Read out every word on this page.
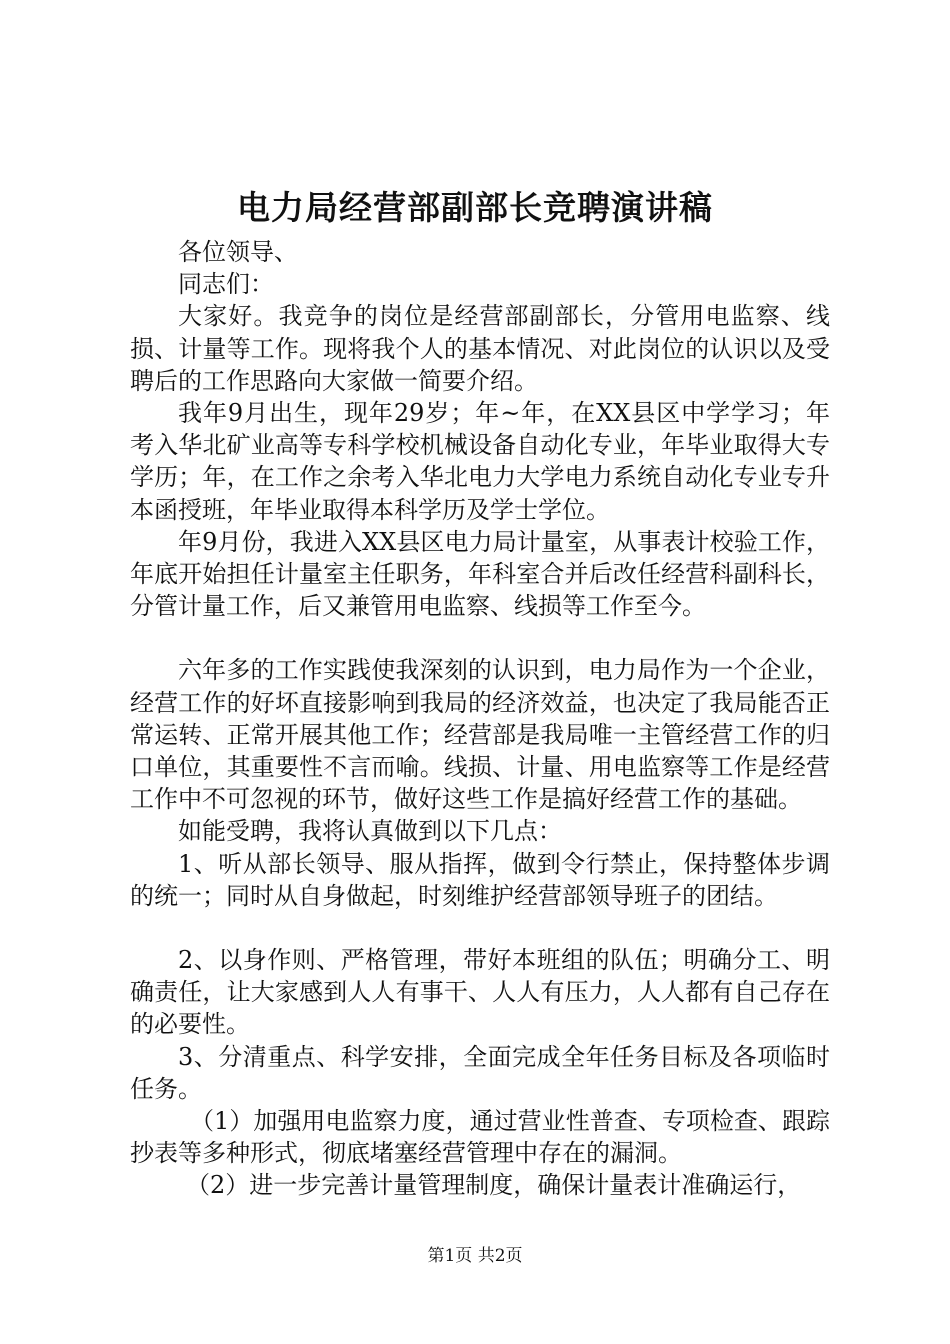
电力局经营部副部长竞聘演讲稿

各位领导、

同志们：

大家好。我竞争的岗位是经营部副部长，分管用电监察、线损、计量等工作。现将我个人的基本情况、对此岗位的认识以及受聘后的工作思路向大家做一简要介绍。

我年9月出生，现年29岁；年~年，在XX县区中学学习；年考入华北矿业高等专科学校机械设备自动化专业，年毕业取得大专学历；年，在工作之余考入华北电力大学电力系统自动化专业专升本函授班，年毕业取得本科学历及学士学位。

年9月份，我进入XX县区电力局计量室，从事表计校验工作，年底开始担任计量室主任职务，年科室合并后改任经营科副科长，分管计量工作，后又兼管用电监察、线损等工作至今。

六年多的工作实践使我深刻的认识到，电力局作为一个企业，经营工作的好坏直接影响到我局的经济效益，也决定了我局能否正常运转、正常开展其他工作；经营部是我局唯一主管经营工作的归口单位，其重要性不言而喻。线损、计量、用电监察等工作是经营工作中不可忽视的环节，做好这些工作是搞好经营工作的基础。

如能受聘，我将认真做到以下几点：

1、听从部长领导、服从指挥，做到令行禁止，保持整体步调的统一；同时从自身做起，时刻维护经营部领导班子的团结。

2、以身作则、严格管理，带好本班组的队伍；明确分工、明确责任，让大家感到人人有事干、人人有压力，人人都有自己存在的必要性。

3、分清重点、科学安排，全面完成全年任务目标及各项临时任务。

（1）加强用电监察力度，通过营业性普查、专项检查、跟踪抄表等多种形式，彻底堵塞经营管理中存在的漏洞。

（2）进一步完善计量管理制度，确保计量表计准确运行，

第1页 共2页
